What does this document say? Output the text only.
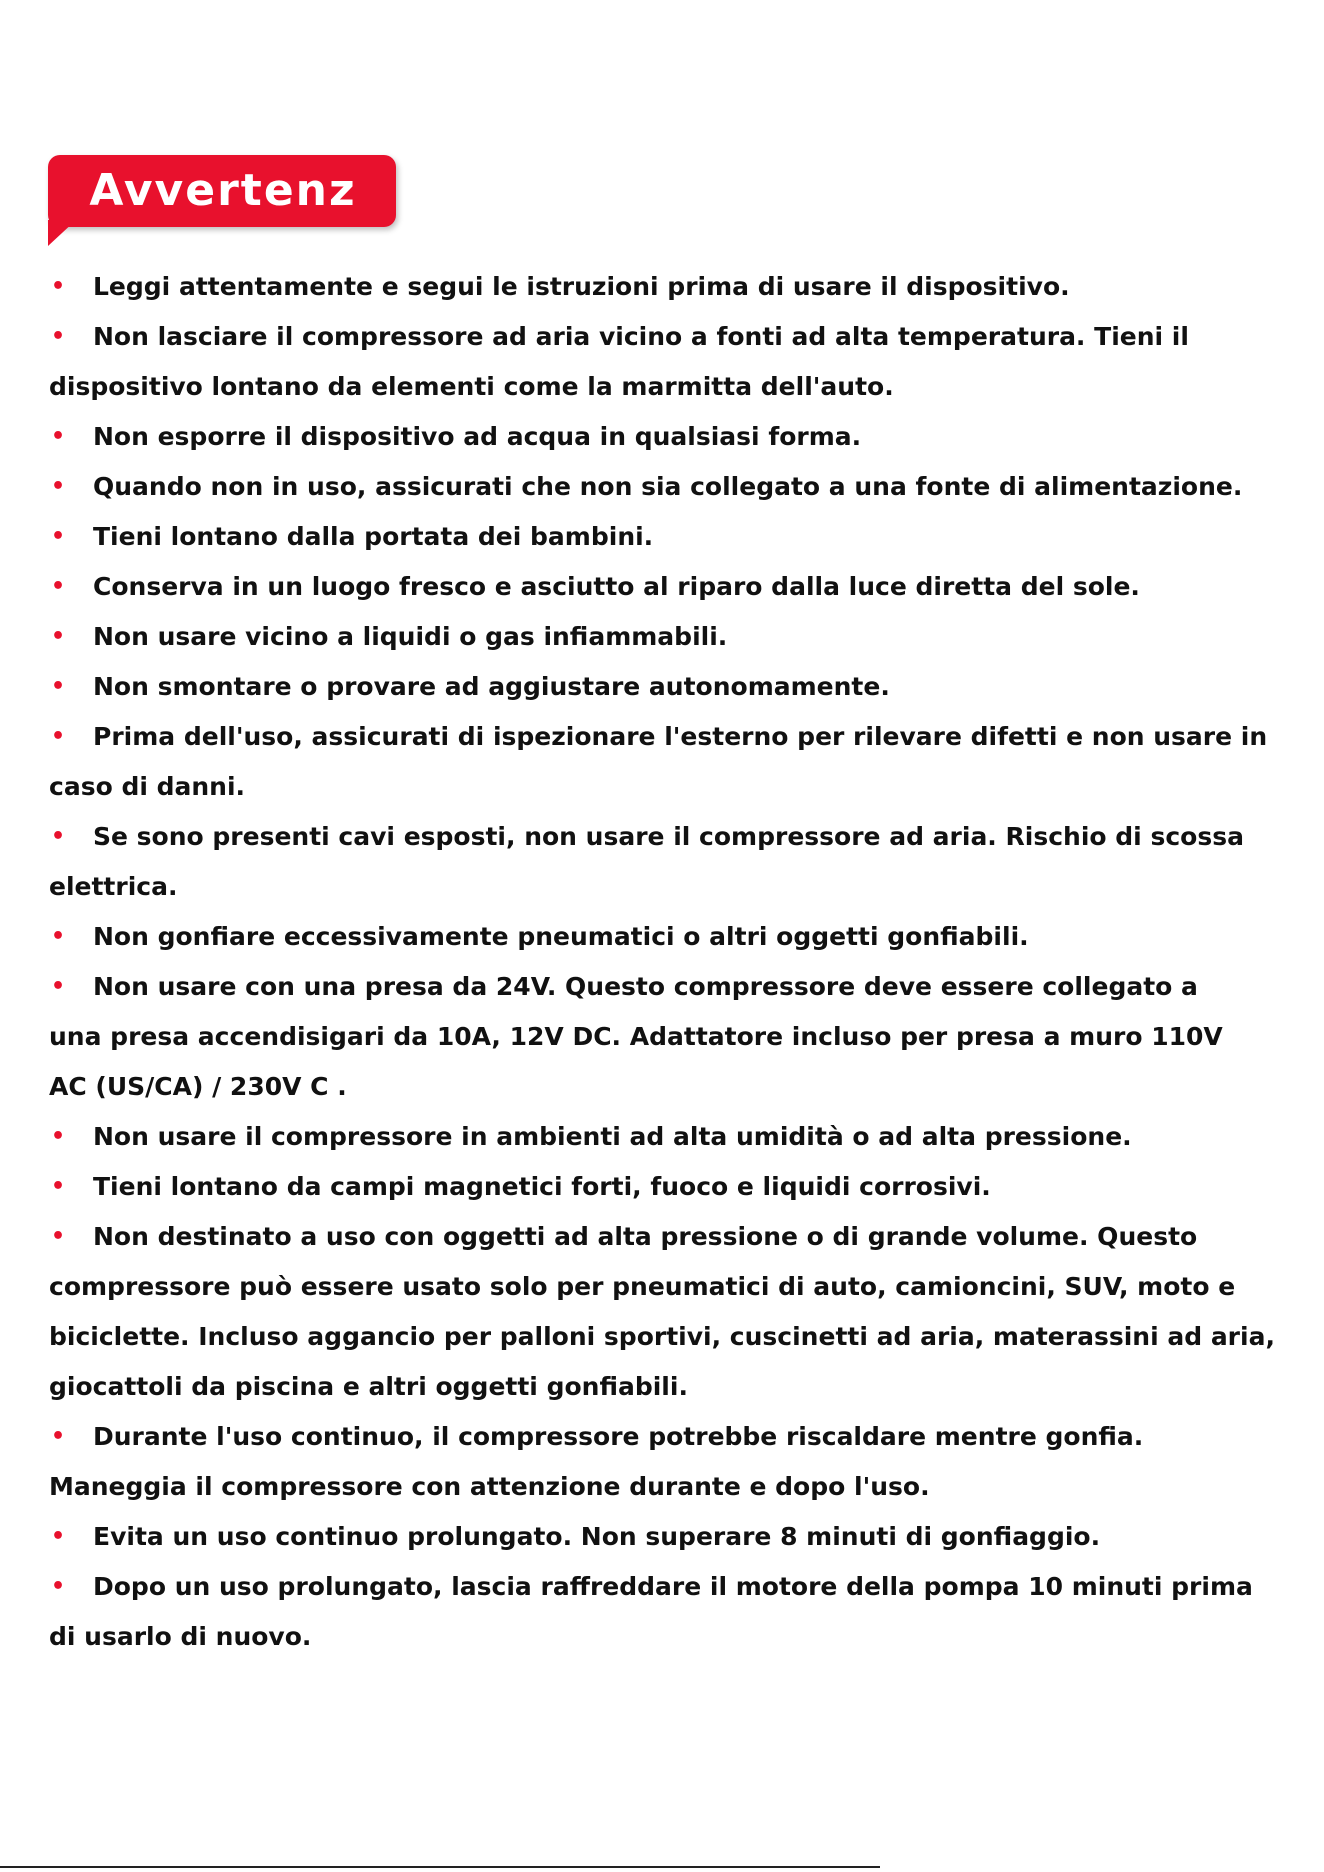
Avvertenz
•	Leggi attentamente e segui le istruzioni prima di usare il dispositivo.
•	Non lasciare il compressore ad aria vicino a fonti ad alta temperatura. Tieni il
dispositivo lontano da elementi come la marmitta dell'auto.
•	Non esporre il dispositivo ad acqua in qualsiasi forma.
•	Quando non in uso, assicurati che non sia collegato a una fonte di alimentazione.
•	Tieni lontano dalla portata dei bambini.
•	Conserva in un luogo fresco e asciutto al riparo dalla luce diretta del sole.
•	Non usare vicino a liquidi o gas infiammabili.
•	Non smontare o provare ad aggiustare autonomamente.
•	Prima dell'uso, assicurati di ispezionare l'esterno per rilevare difetti e non usare in
caso di danni.
•	Se sono presenti cavi esposti, non usare il compressore ad aria. Rischio di scossa
elettrica.
•	Non gonfiare eccessivamente pneumatici o altri oggetti gonfiabili.
•	Non usare con una presa da 24V. Questo compressore deve essere collegato a
una presa accendisigari da 10A, 12V DC. Adattatore incluso per presa a muro 110V
AC (US/CA) / 230V C .
•	Non usare il compressore in ambienti ad alta umidità o ad alta pressione.
•	Tieni lontano da campi magnetici forti, fuoco e liquidi corrosivi.
•	Non destinato a uso con oggetti ad alta pressione o di grande volume. Questo
compressore può essere usato solo per pneumatici di auto, camioncini, SUV, moto e
biciclette. Incluso aggancio per palloni sportivi, cuscinetti ad aria, materassini ad aria,
giocattoli da piscina e altri oggetti gonfiabili.
•	Durante l'uso continuo, il compressore potrebbe riscaldare mentre gonfia.
Maneggia il compressore con attenzione durante e dopo l'uso.
•	Evita un uso continuo prolungato. Non superare 8 minuti di gonfiaggio.
•	Dopo un uso prolungato, lascia raffreddare il motore della pompa 10 minuti prima
di usarlo di nuovo.
